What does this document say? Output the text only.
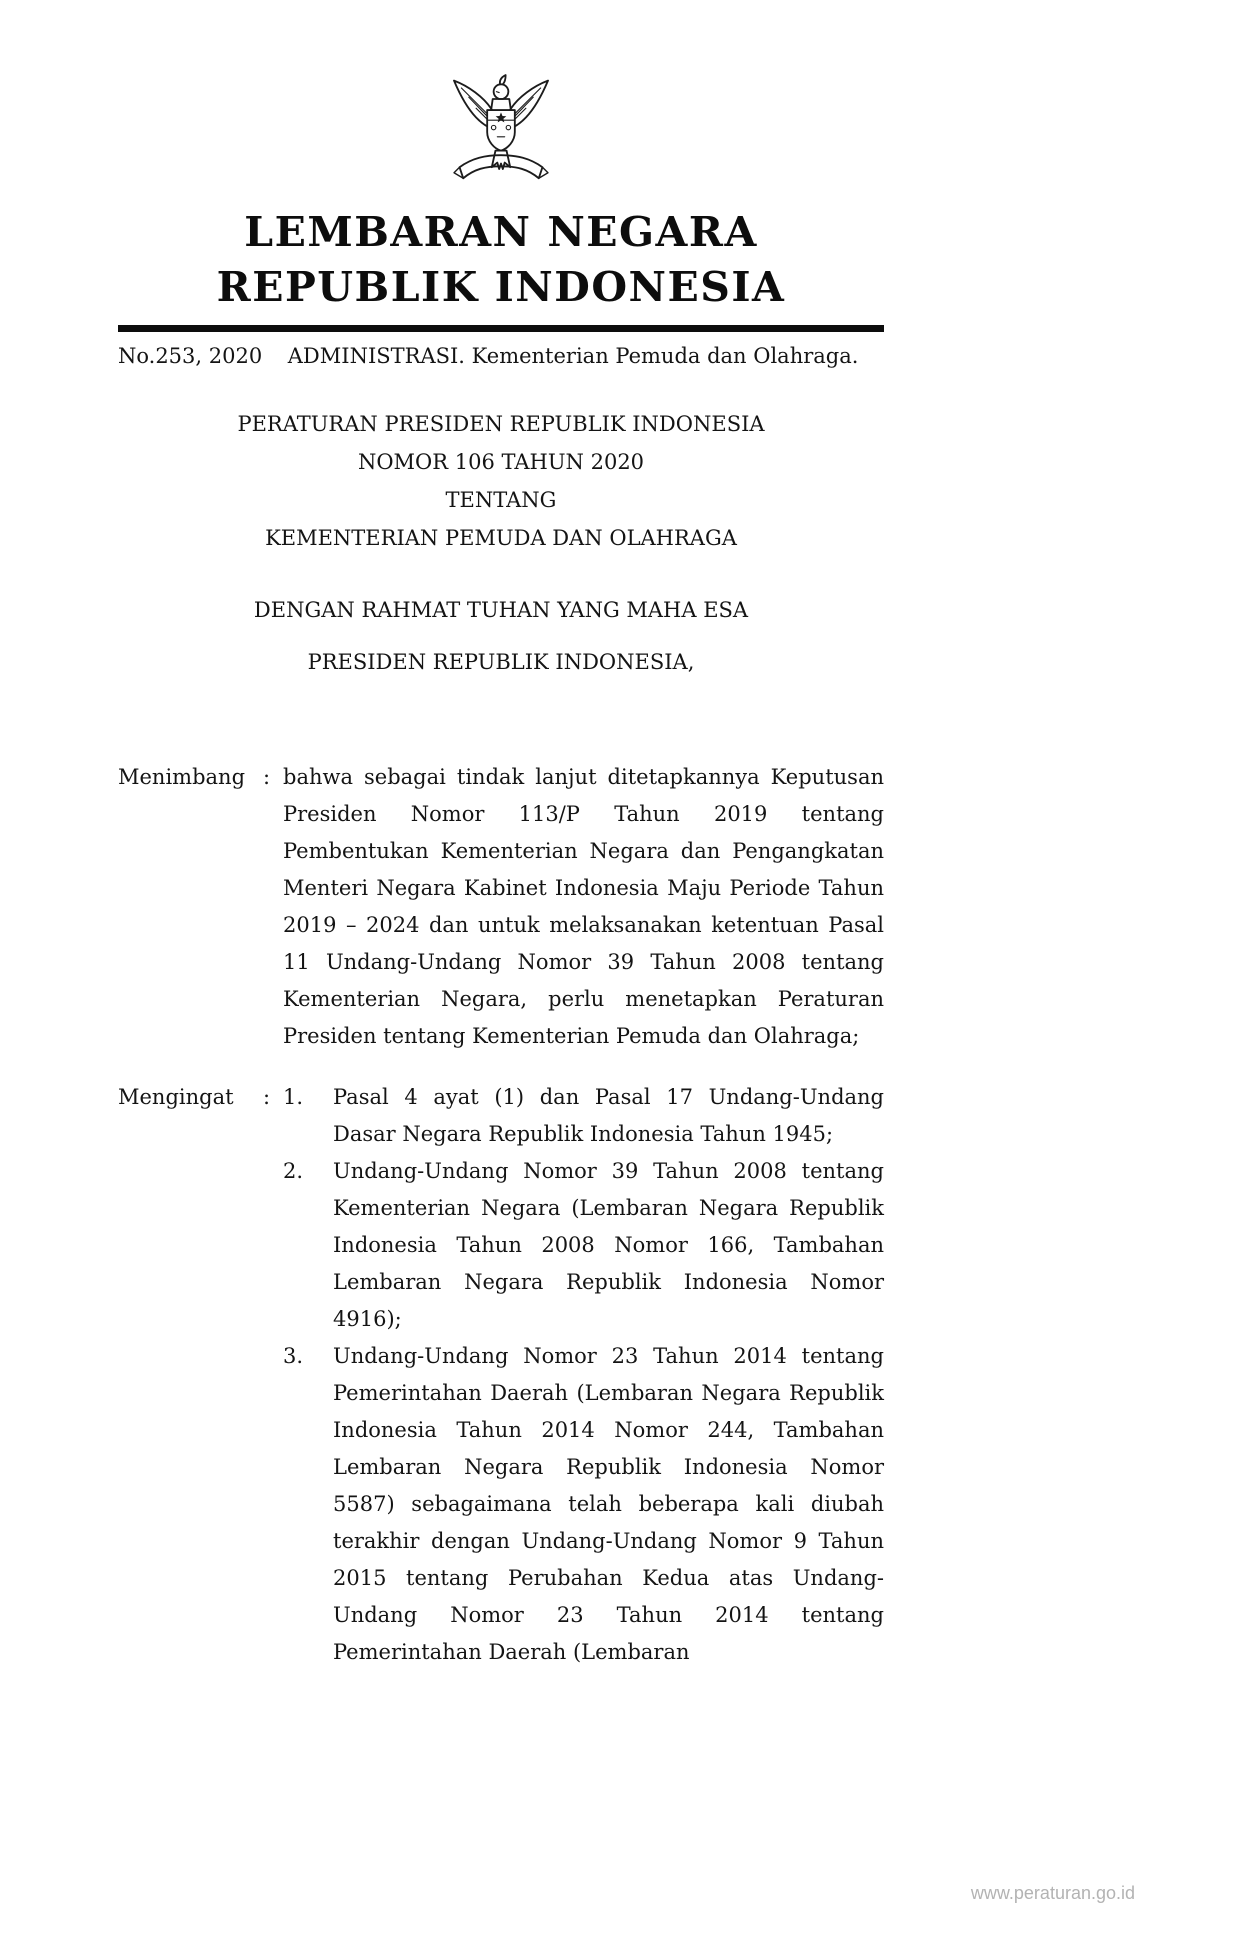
LEMBARAN NEGARA
REPUBLIK INDONESIA
No.253, 2020	ADMINISTRASI. Kementerian Pemuda dan Olahraga.
PERATURAN PRESIDEN REPUBLIK INDONESIA
NOMOR 106 TAHUN 2020
TENTANG
KEMENTERIAN PEMUDA DAN OLAHRAGA
DENGAN RAHMAT TUHAN YANG MAHA ESA
PRESIDEN REPUBLIK INDONESIA,
Menimbang : bahwa sebagai tindak lanjut ditetapkannya Keputusan Presiden Nomor 113/P Tahun 2019 tentang Pembentukan Kementerian Negara dan Pengangkatan Menteri Negara Kabinet Indonesia Maju Periode Tahun 2019 – 2024 dan untuk melaksanakan ketentuan Pasal 11 Undang-Undang Nomor 39 Tahun 2008 tentang Kementerian Negara, perlu menetapkan Peraturan Presiden tentang Kementerian Pemuda dan Olahraga;
Mengingat	: 1.	Pasal 4 ayat (1) dan Pasal 17 Undang-Undang Dasar Negara Republik Indonesia Tahun 1945;
2.	Undang-Undang Nomor 39 Tahun 2008 tentang Kementerian Negara (Lembaran Negara Republik Indonesia Tahun 2008 Nomor 166, Tambahan Lembaran Negara Republik Indonesia Nomor 4916);
3.	Undang-Undang Nomor 23 Tahun 2014 tentang Pemerintahan Daerah (Lembaran Negara Republik Indonesia Tahun 2014 Nomor 244, Tambahan Lembaran Negara Republik Indonesia Nomor 5587) sebagaimana telah beberapa kali diubah terakhir dengan Undang-Undang Nomor 9 Tahun 2015 tentang Perubahan Kedua atas Undang-Undang Nomor 23 Tahun 2014 tentang Pemerintahan Daerah (Lembaran
www.peraturan.go.id
